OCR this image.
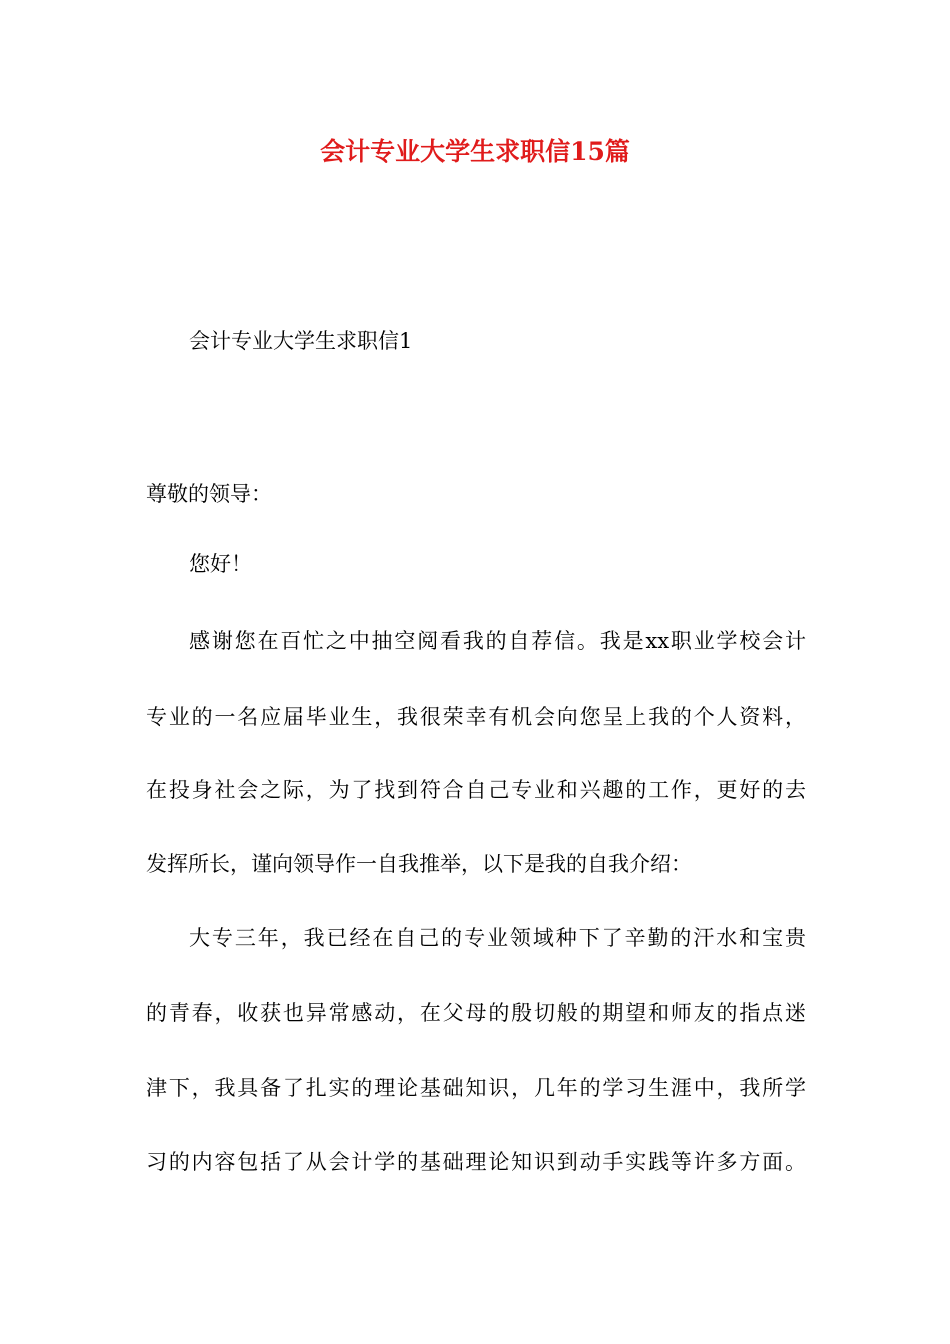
会计专业大学生求职信15篇

会计专业大学生求职信1

尊敬的领导：

您好！

感谢您在百忙之中抽空阅看我的自荐信。我是xx职业学校会计

专业的一名应届毕业生，我很荣幸有机会向您呈上我的个人资料，

在投身社会之际，为了找到符合自己专业和兴趣的工作，更好的去

发挥所长，谨向领导作一自我推举，以下是我的自我介绍：

大专三年，我已经在自己的专业领域种下了辛勤的汗水和宝贵

的青春，收获也异常感动，在父母的殷切般的期望和师友的指点迷

津下，我具备了扎实的理论基础知识，几年的学习生涯中，我所学

习的内容包括了从会计学的基础理论知识到动手实践等许多方面。
